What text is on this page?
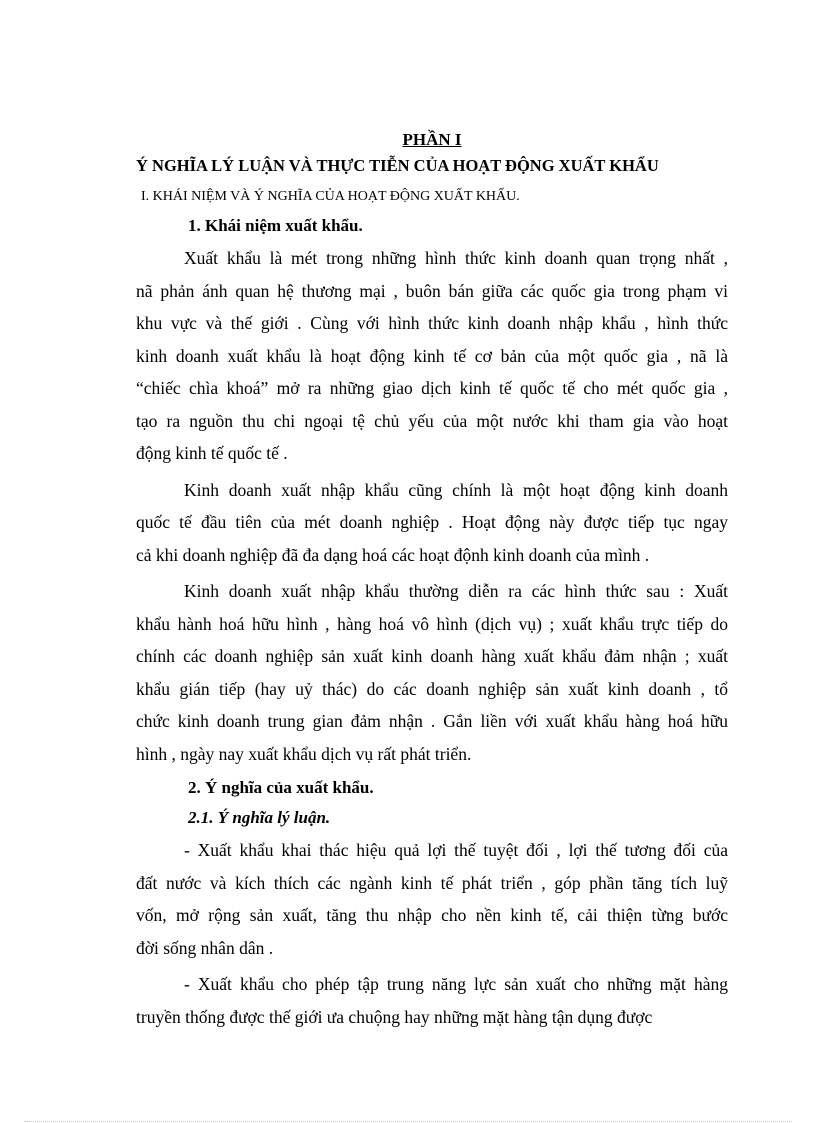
PHẦN I
Ý NGHĨA LÝ LUẬN VÀ THỰC TIỄN CỦA HOẠT ĐỘNG XUẤT KHẨU
I. KHÁI NIỆM VÀ Ý NGHĨA CỦA HOẠT ĐỘNG XUẤT KHẨU.
1. Khái niệm xuất khẩu.
Xuất khẩu là mét trong những hình thức kinh doanh quan trọng nhất ,
nã phản ánh quan hệ thương mại , buôn bán giữa các quốc gia trong phạm vi
khu vực và thế giới . Cùng với hình thức kinh doanh nhập khẩu , hình thức
kinh doanh xuất khẩu là hoạt động kinh tế cơ bản của một quốc gia , nã là
“chiếc chìa khoá” mở ra những giao dịch kinh tế quốc tế cho mét quốc gia ,
tạo ra nguồn thu chi ngoại tệ chủ yếu của một nước khi tham gia vào hoạt
động kinh tế quốc tế .
Kinh doanh xuất nhập khẩu cũng chính là một hoạt động kinh doanh
quốc tế đầu tiên của mét doanh nghiệp . Hoạt động này được tiếp tục ngay
cả khi doanh nghiệp đã đa dạng hoá các hoạt độnh kinh doanh của mình .
Kinh doanh xuất nhập khẩu thường diễn ra các hình thức sau : Xuất
khẩu hành hoá hữu hình , hàng hoá vô hình (dịch vụ) ; xuất khẩu trực tiếp do
chính các doanh nghiệp sản xuất kinh doanh hàng xuất khẩu đảm nhận ; xuất
khẩu gián tiếp (hay uỷ thác) do các doanh nghiệp sản xuất kinh doanh , tổ
chức kinh doanh trung gian đảm nhận . Gắn liền với xuất khẩu hàng hoá hữu
hình , ngày nay xuất khẩu dịch vụ rất phát triển.
2. Ý nghĩa của xuất khẩu.
2.1. Ý nghĩa lý luận.
- Xuất khẩu khai thác hiệu quả lợi thế tuyệt đối , lợi thế tương đối của
đất nước và kích thích các ngành kinh tế phát triển , góp phần tăng tích luỹ
vốn, mở rộng sản xuất, tăng thu nhập cho nền kinh tế, cải thiện từng bước
đời sống nhân dân .
- Xuất khẩu cho phép tập trung năng lực sản xuất cho những mặt hàng
truyền thống được thế giới ưa chuộng hay những mặt hàng tận dụng được
